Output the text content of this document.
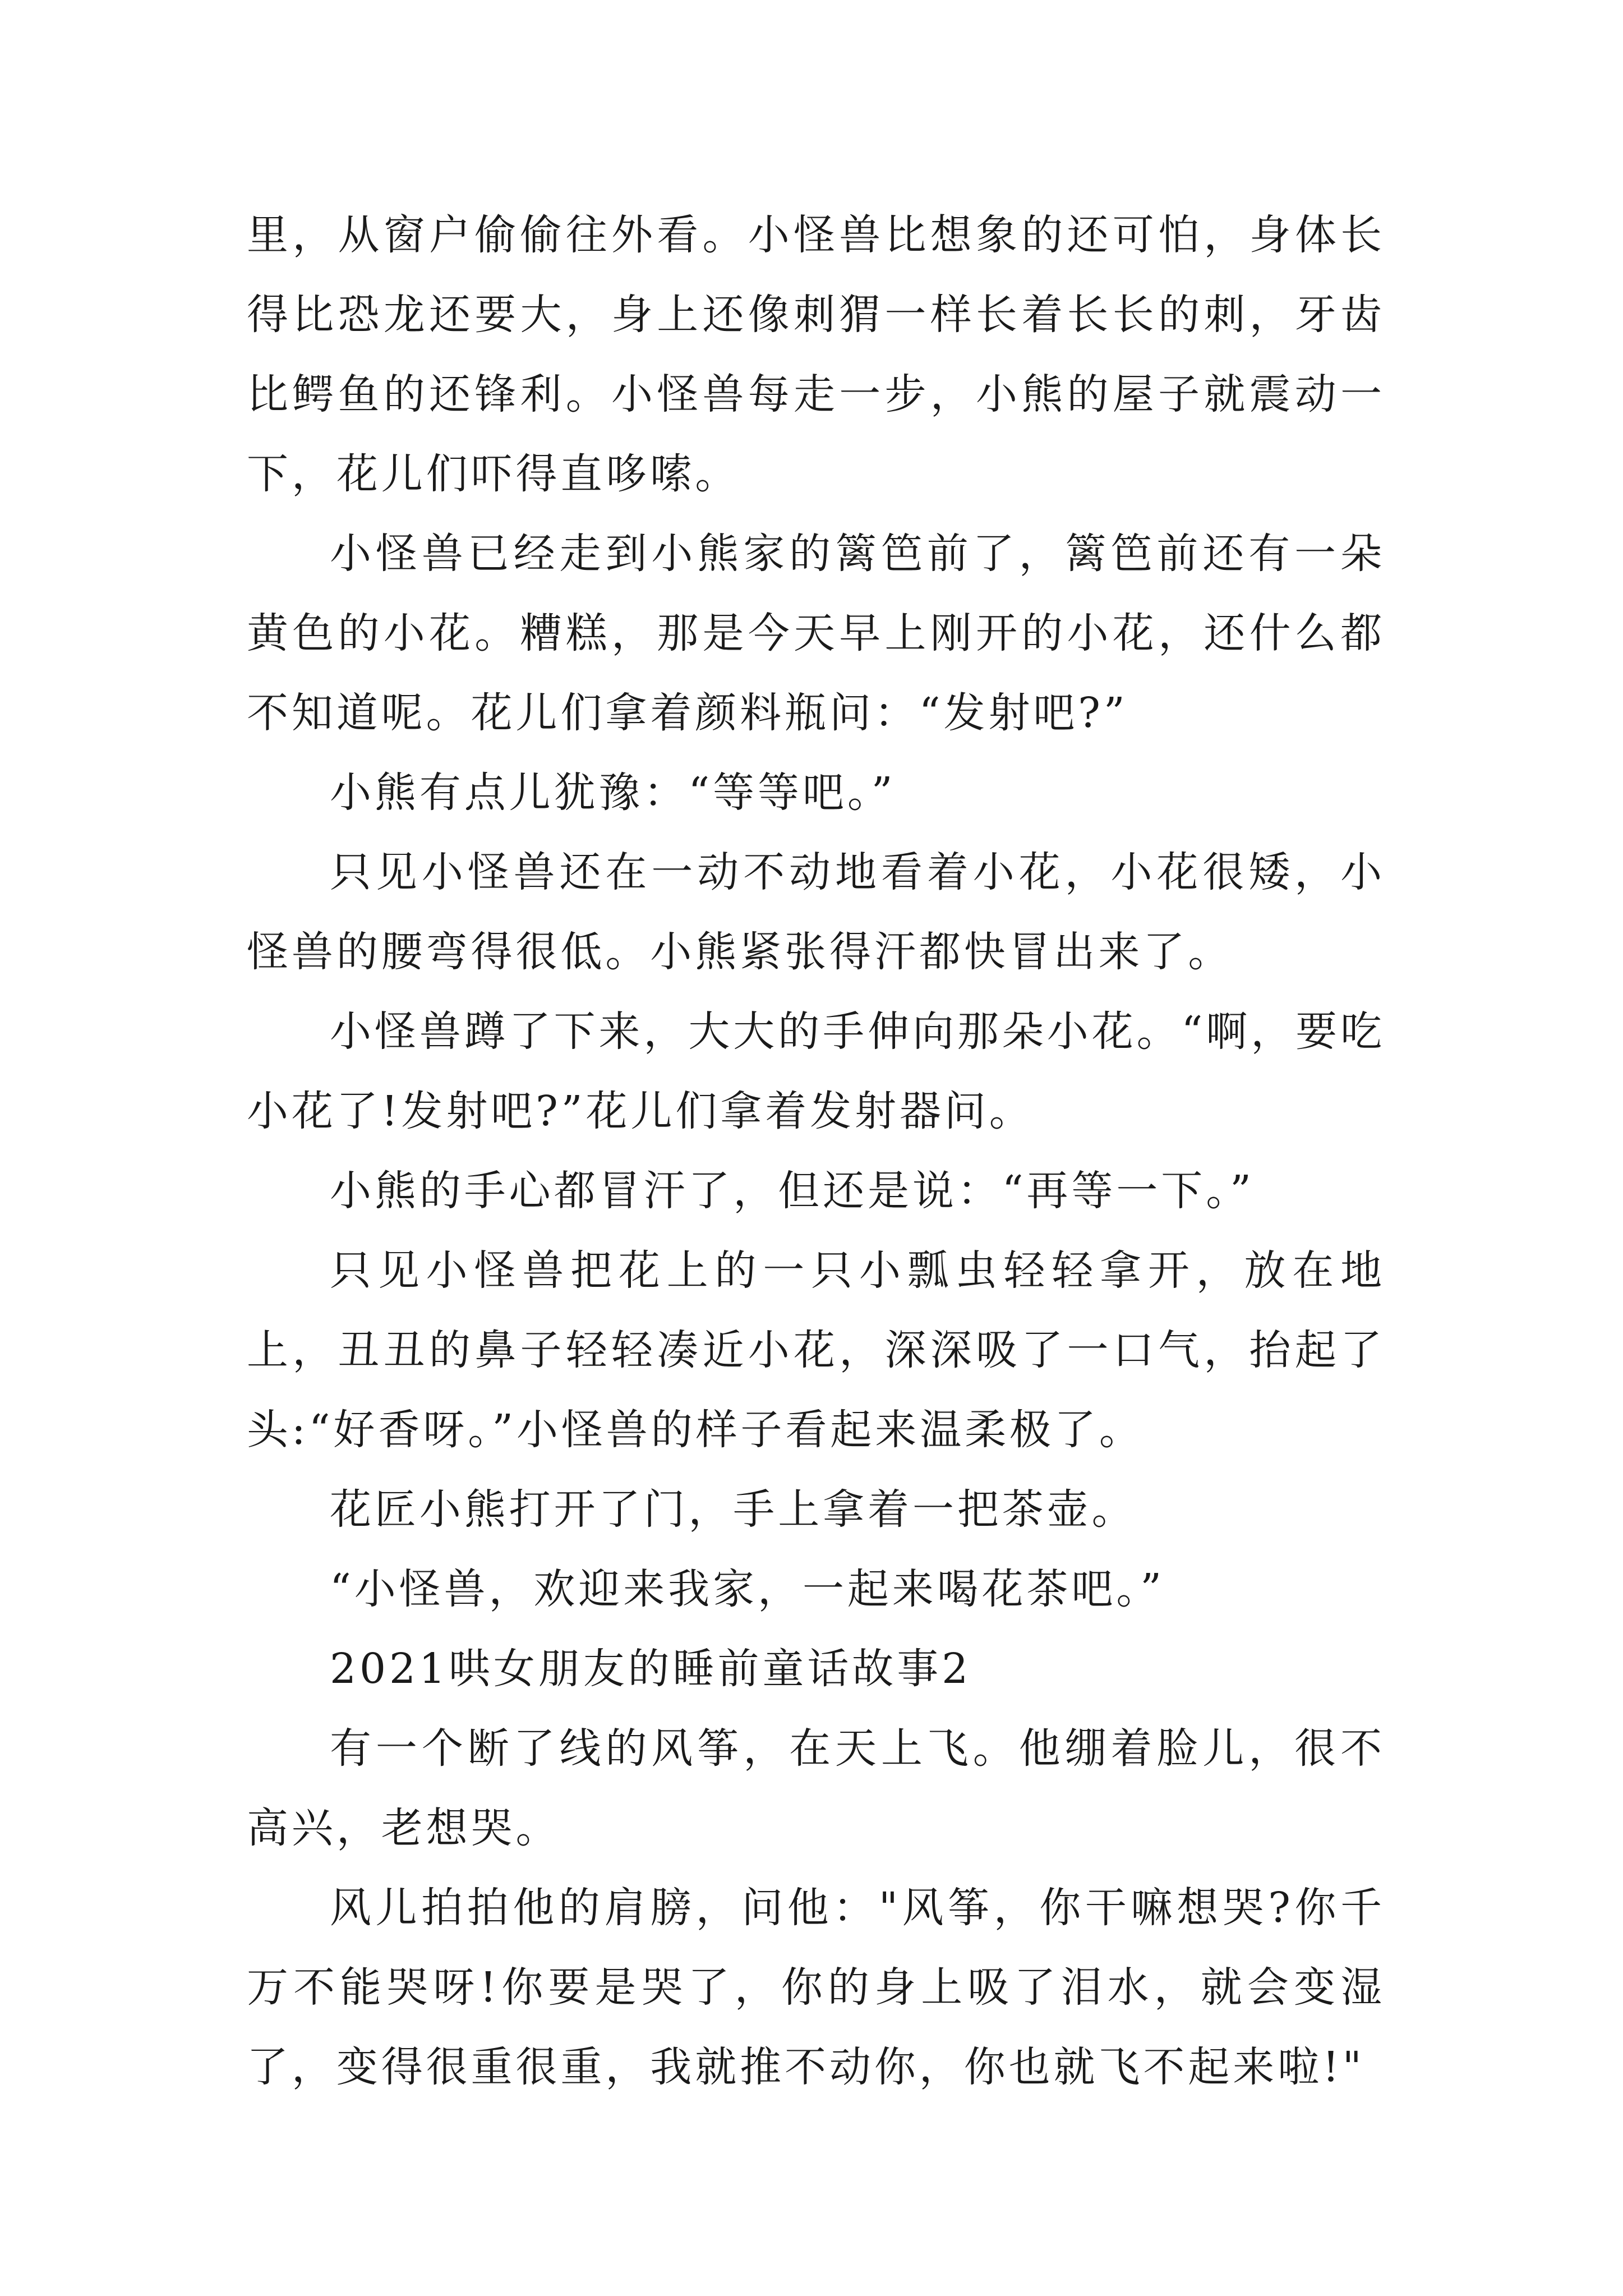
里，从窗户偷偷往外看。小怪兽比想象的还可怕，身体长得比恐龙还要大，身上还像刺猬一样长着长长的刺，牙齿比鳄鱼的还锋利。小怪兽每走一步，小熊的屋子就震动一下，花儿们吓得直哆嗦。

小怪兽已经走到小熊家的篱笆前了，篱笆前还有一朵黄色的小花。糟糕，那是今天早上刚开的小花，还什么都不知道呢。花儿们拿着颜料瓶问：“发射吧?”

小熊有点儿犹豫：“等等吧。”

只见小怪兽还在一动不动地看着小花，小花很矮，小怪兽的腰弯得很低。小熊紧张得汗都快冒出来了。

小怪兽蹲了下来，大大的手伸向那朵小花。“啊，要吃小花了!发射吧?”花儿们拿着发射器问。

小熊的手心都冒汗了，但还是说：“再等一下。”

只见小怪兽把花上的一只小瓢虫轻轻拿开，放在地上，丑丑的鼻子轻轻凑近小花，深深吸了一口气，抬起了头:“好香呀。”小怪兽的样子看起来温柔极了。

花匠小熊打开了门，手上拿着一把茶壶。

“小怪兽，欢迎来我家，一起来喝花茶吧。”

2021哄女朋友的睡前童话故事2

有一个断了线的风筝，在天上飞。他绷着脸儿，很不高兴，老想哭。

风儿拍拍他的肩膀，问他："风筝，你干嘛想哭?你千万不能哭呀!你要是哭了，你的身上吸了泪水，就会变湿了，变得很重很重，我就推不动你，你也就飞不起来啦!"
